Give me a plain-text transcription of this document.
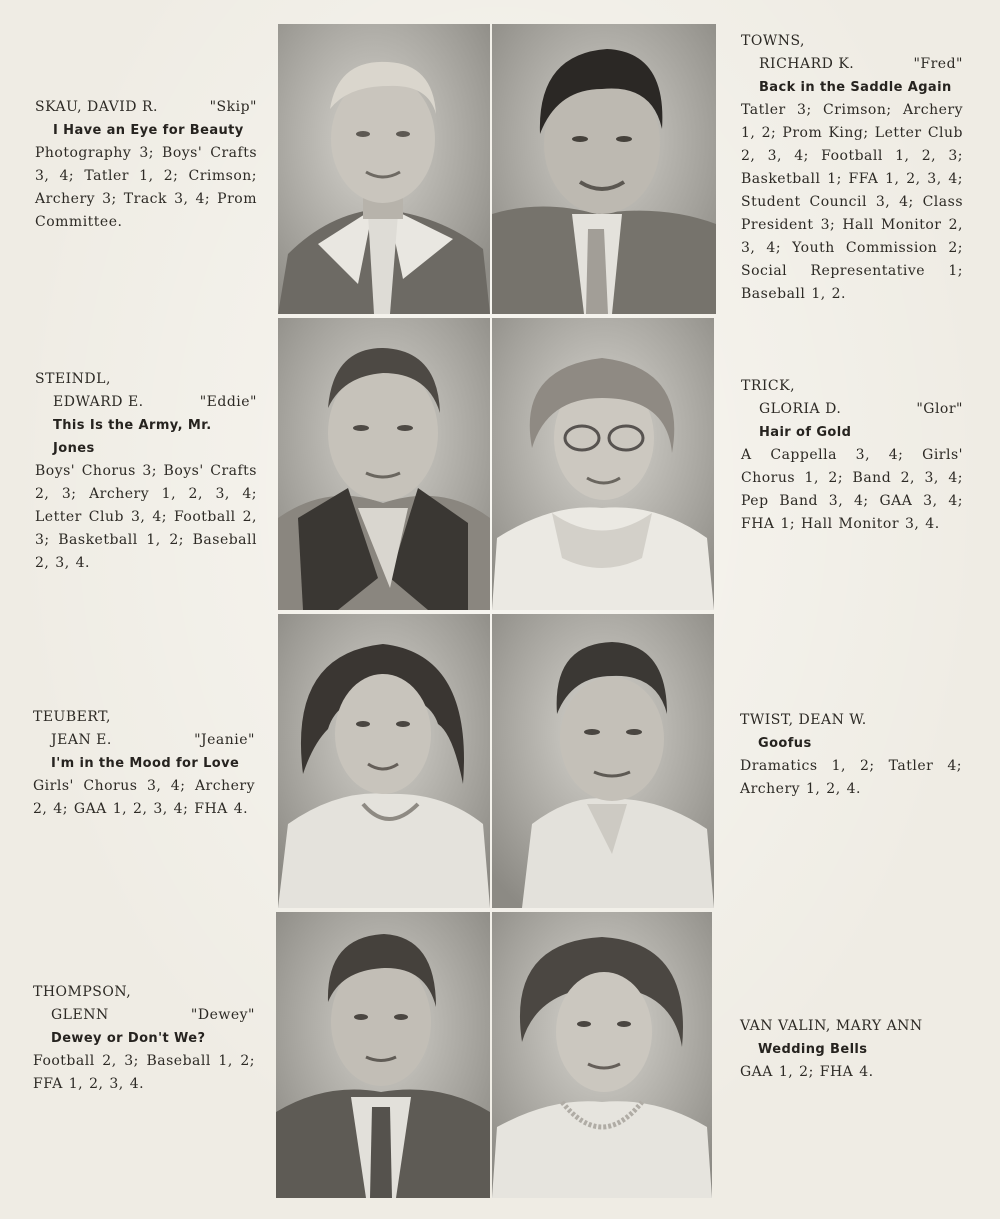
SKAU, DAVID R.	"Skip"
I Have an Eye for Beauty
Photography 3; Boys' Crafts 3, 4; Tatler 1, 2; Crimson; Archery 3; Track 3, 4; Prom Committee.
TOWNS,
RICHARD K.	"Fred"
Back in the Saddle Again
Tatler 3; Crimson; Archery 1, 2; Prom King; Letter Club 2, 3, 4; Football 1, 2, 3; Basketball 1; FFA 1, 2, 3, 4; Student Council 3, 4; Class President 3; Hall Monitor 2, 3, 4; Youth Commission 2; Social Representative 1; Baseball 1, 2.
STEINDL,
EDWARD E.	"Eddie"
This Is the Army, Mr. Jones
Boys' Chorus 3; Boys' Crafts 2, 3; Archery 1, 2, 3, 4; Letter Club 3, 4; Football 2, 3; Basketball 1, 2; Baseball 2, 3, 4.
TRICK,
GLORIA D.	"Glor"
Hair of Gold
A Cappella 3, 4; Girls' Chorus 1, 2; Band 2, 3, 4; Pep Band 3, 4; GAA 3, 4; FHA 1; Hall Monitor 3, 4.
TEUBERT,
JEAN E.	"Jeanie"
I'm in the Mood for Love
Girls' Chorus 3, 4; Archery 2, 4; GAA 1, 2, 3, 4; FHA 4.
TWIST, DEAN W.
Goofus
Dramatics 1, 2; Tatler 4; Archery 1, 2, 4.
THOMPSON,
GLENN	"Dewey"
Dewey or Don't We?
Football 2, 3; Baseball 1, 2; FFA 1, 2, 3, 4.
VAN VALIN, MARY ANN
Wedding Bells
GAA 1, 2; FHA 4.
